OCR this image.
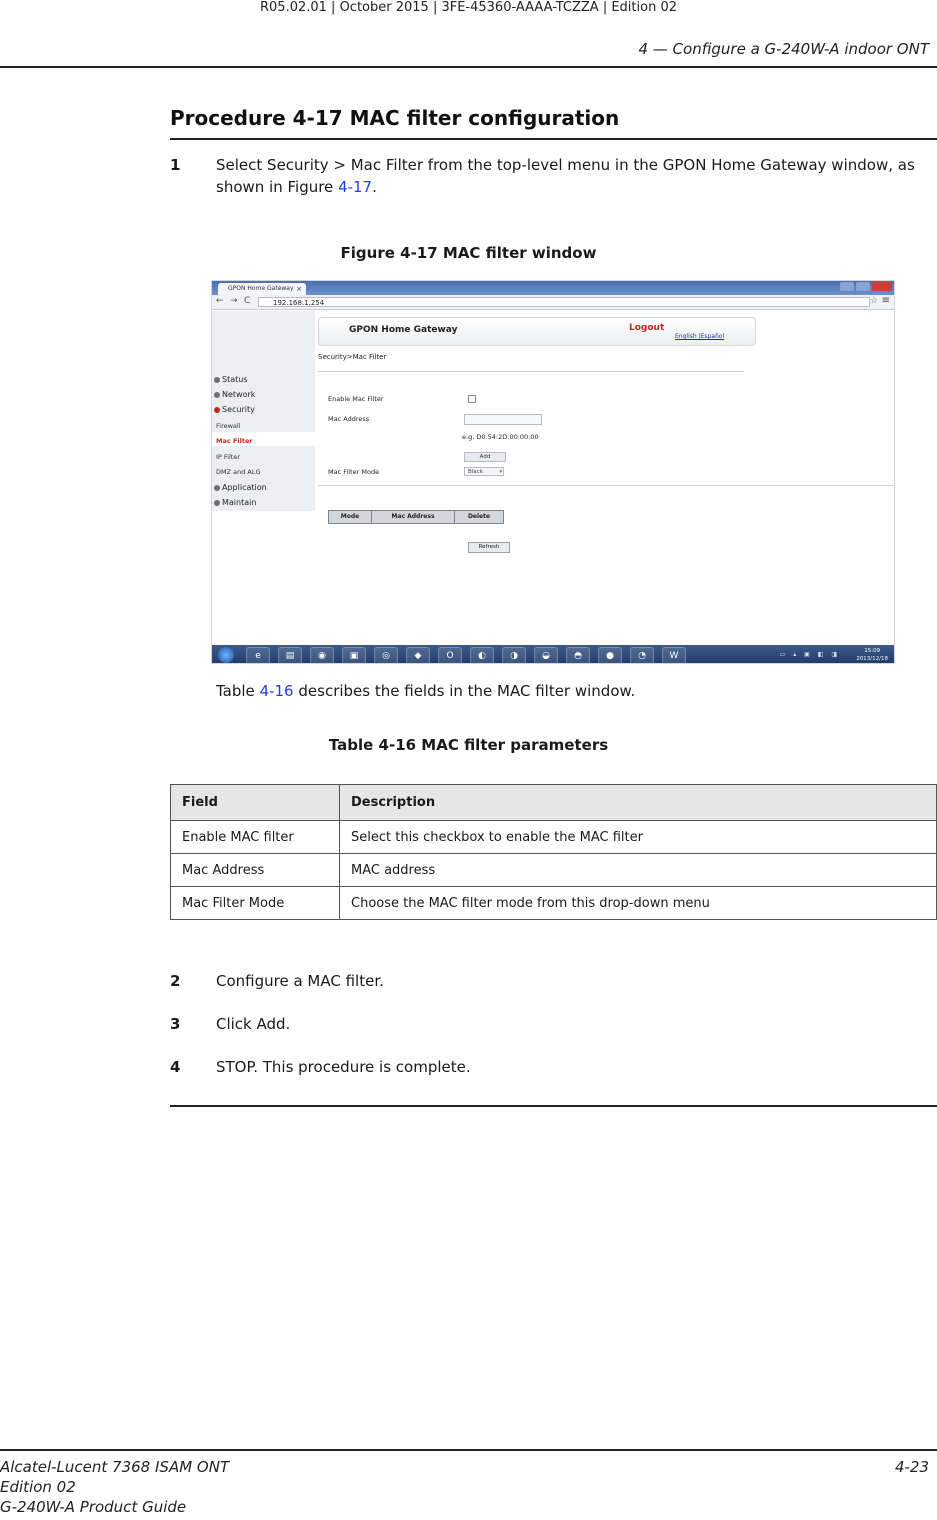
R05.02.01 | October 2015 | 3FE-45360-AAAA-TCZZA | Edition 02
4 — Configure a G-240W-A indoor ONT
Procedure 4-17 MAC filter configuration
1 Select Security > Mac Filter from the top-level menu in the GPON Home Gateway window, as shown in Figure 4-17.
Figure 4-17 MAC filter window
GPON Home Gateway ×
← → C	192.168.1.254	☆ ≡
Status
Network
Security
Firewall
Mac Filter
IP Filter
DMZ and ALG
Application
Maintain
GPON Home Gateway	Logout
English |Español
Security>Mac Filter
Enable Mac Filter
Mac Address
e.g. D0:54:2D:00:00:00
Add
Mac Filter Mode	Black	▾
Mode	Mac Address	Delete
Refresh
e	▤	◉	▣	◎	◆	O	◐	◑	◒	◓	●	◔	W	▭ ▴ ▣ ◧ ◨	15:09
2013/12/18
Table 4-16 describes the fields in the MAC filter window.
Table 4-16 MAC filter parameters
Field	Description
Enable MAC filter	Select this checkbox to enable the MAC filter
Mac Address	MAC address
Mac Filter Mode	Choose the MAC filter mode from this drop-down menu
2 Configure a MAC filter.
3 Click Add.
4 STOP. This procedure is complete.
Alcatel-Lucent 7368 ISAM ONT
Edition 02
G-240W-A Product Guide
4-23
